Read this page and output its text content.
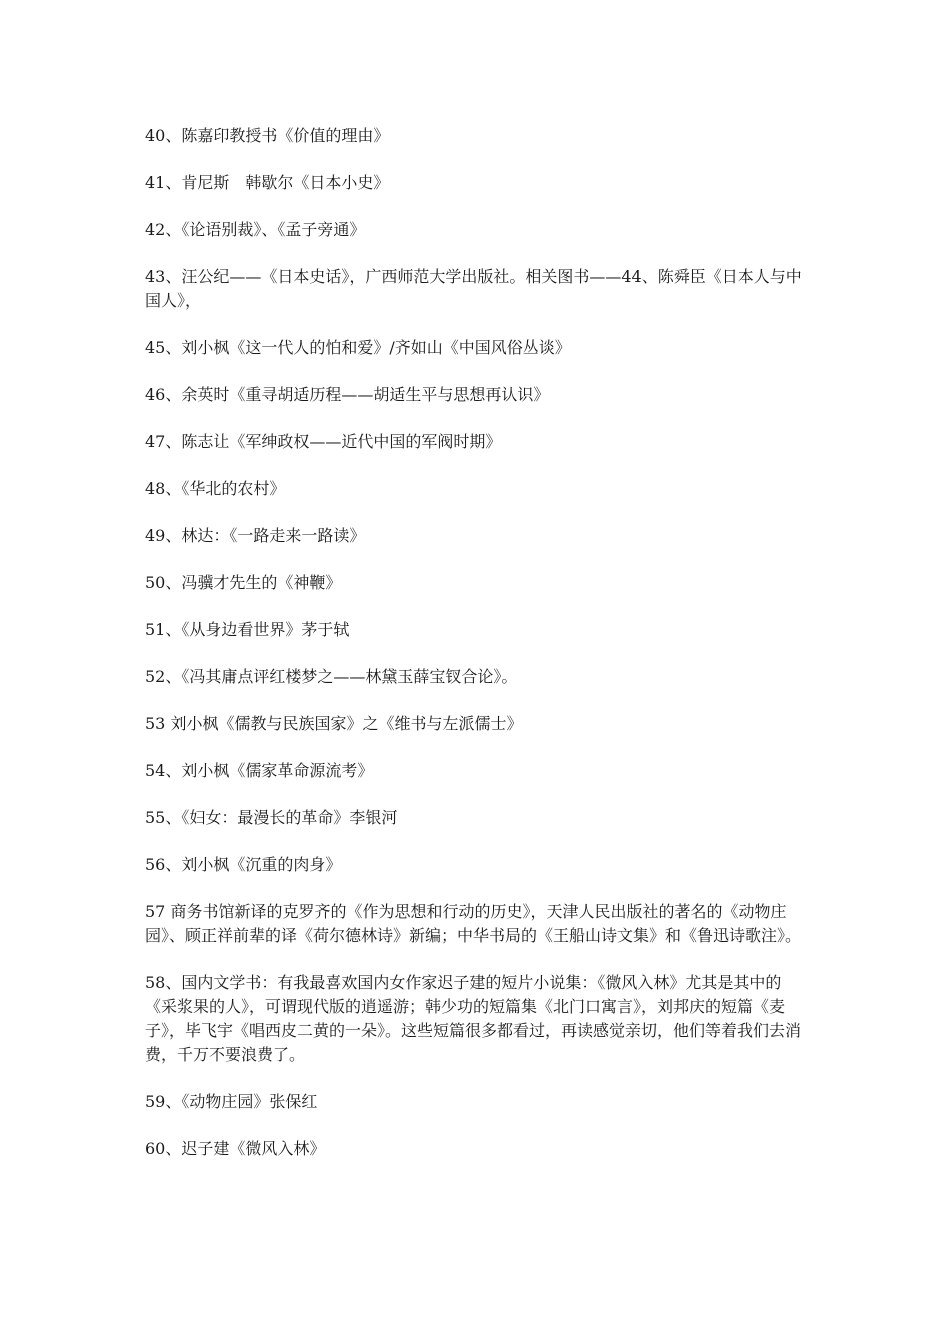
40、陈嘉印教授书《价值的理由》

41、肯尼斯　韩歇尔《日本小史》

42、《论语别裁》、《孟子旁通》

43、汪公纪——《日本史话》，广西师范大学出版社。相关图书——44、陈舜臣《日本人与中国人》，

45、刘小枫《这一代人的怕和爱》/齐如山《中国风俗丛谈》

46、余英时《重寻胡适历程——胡适生平与思想再认识》

47、陈志让《军绅政权——近代中国的军阀时期》

48、《华北的农村》

49、林达：《一路走来一路读》

50、冯骥才先生的《神鞭》

51、《从身边看世界》茅于轼

52、《冯其庸点评红楼梦之——林黛玉薛宝钗合论》。

53 刘小枫《儒教与民族国家》之《维书与左派儒士》

54、刘小枫《儒家革命源流考》

55、《妇女：最漫长的革命》李银河

56、刘小枫《沉重的肉身》

57 商务书馆新译的克罗齐的《作为思想和行动的历史》，天津人民出版社的著名的《动物庄园》、顾正祥前辈的译《荷尔德林诗》新编；中华书局的《王船山诗文集》和《鲁迅诗歌注》。

58、国内文学书：有我最喜欢国内女作家迟子建的短片小说集：《微风入林》尤其是其中的《采浆果的人》，可谓现代版的逍遥游；韩少功的短篇集《北门口寓言》，刘邦庆的短篇《麦子》，毕飞宇《唱西皮二黄的一朵》。这些短篇很多都看过，再读感觉亲切，他们等着我们去消费，千万不要浪费了。

59、《动物庄园》张保红

60、迟子建《微风入林》
